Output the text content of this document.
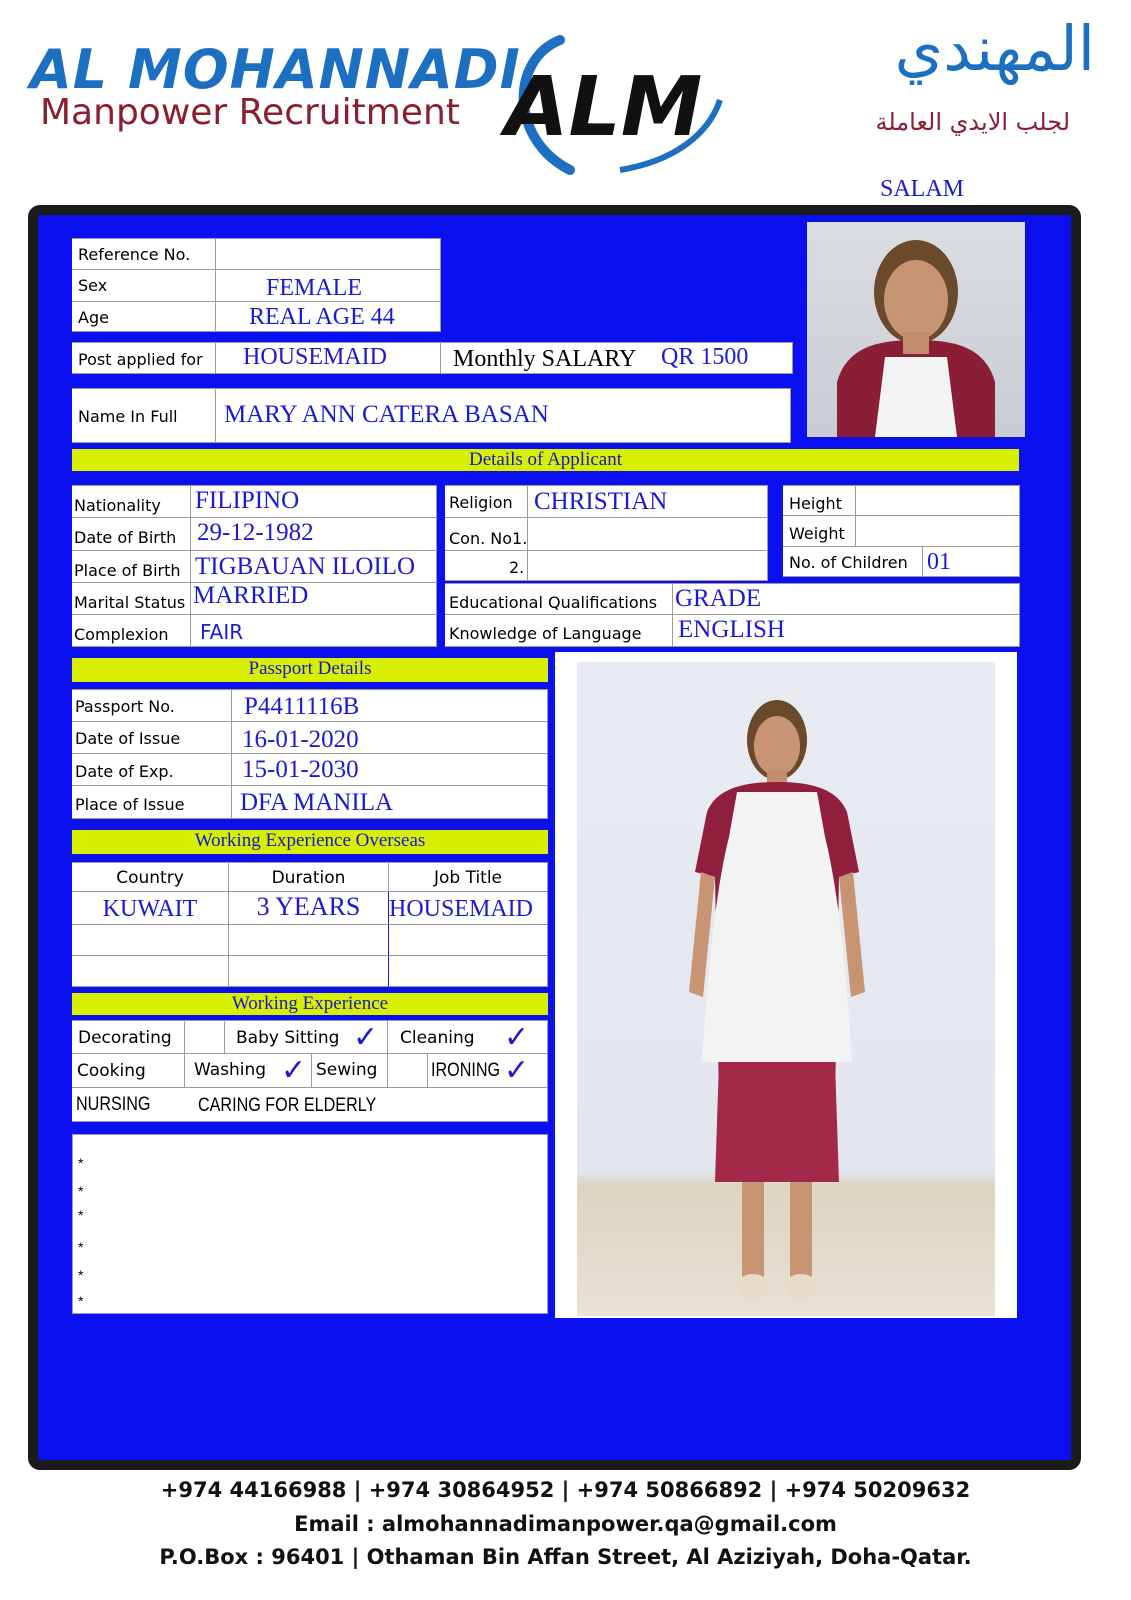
AL MOHANNADI
Manpower Recruitment ALM
المهندي
لجلب الايدي العاملة
SALAM
Reference No.
Sex	FEMALE
Age	REAL AGE 44
Post applied for HOUSEMAID	Monthly SALARY QR 1500
Name In Full MARY ANN CATERA BASAN
Details of Applicant
Nationality FILIPINO
Date of Birth 29-12-1982
Place of Birth TIGBAUAN ILOILO
Marital Status MARRIED
Complexion FAIR
Religion CHRISTIAN
Con. No1.
2.
Height
Weight
No. of Children 01
Educational Qualifications GRADE
Knowledge of Language ENGLISH
Passport Details
Passport No.	P4411116B
Date of Issue 16-01-2020
Date of Exp.	15-01-2030
Place of Issue DFA MANILA
Working Experience Overseas
Country	Duration	Job Title
KUWAIT	3 YEARS	HOUSEMAID
Working Experience
Decorating	Baby Sitting ✓ Cleaning ✓
Cooking	Washing ✓ Sewing	IRONING ✓
NURSING	CARING FOR ELDERLY
*
*
*
*
*
*
+974 44166988 | +974 30864952 | +974 50866892 | +974 50209632
Email : almohannadimanpower.qa@gmail.com
P.O.Box : 96401 | Othaman Bin Affan Street, Al Aziziyah, Doha-Qatar.
